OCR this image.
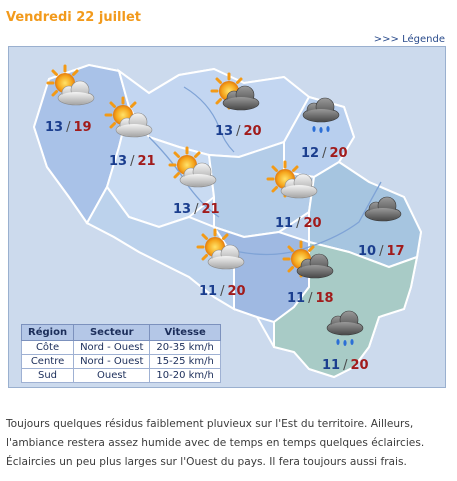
Vendredi 22 juillet
>>> Légende
13 / 19
13 / 21
13 / 20
12 / 20
13 / 21
11 / 20
10 / 17
11 / 20	11 / 18
11 / 20
Région	Secteur	Vitesse
Côte	Nord - Ouest	20-35 km/h
Centre	Nord - Ouest	15-25 km/h
Sud	Ouest	10-20 km/h

Toujours quelques résidus faiblement pluvieux sur l'Est du territoire. Ailleurs, l'ambiance restera assez humide avec de temps en temps quelques éclaircies. Éclaircies un peu plus larges sur l'Ouest du pays. Il fera toujours aussi frais.
